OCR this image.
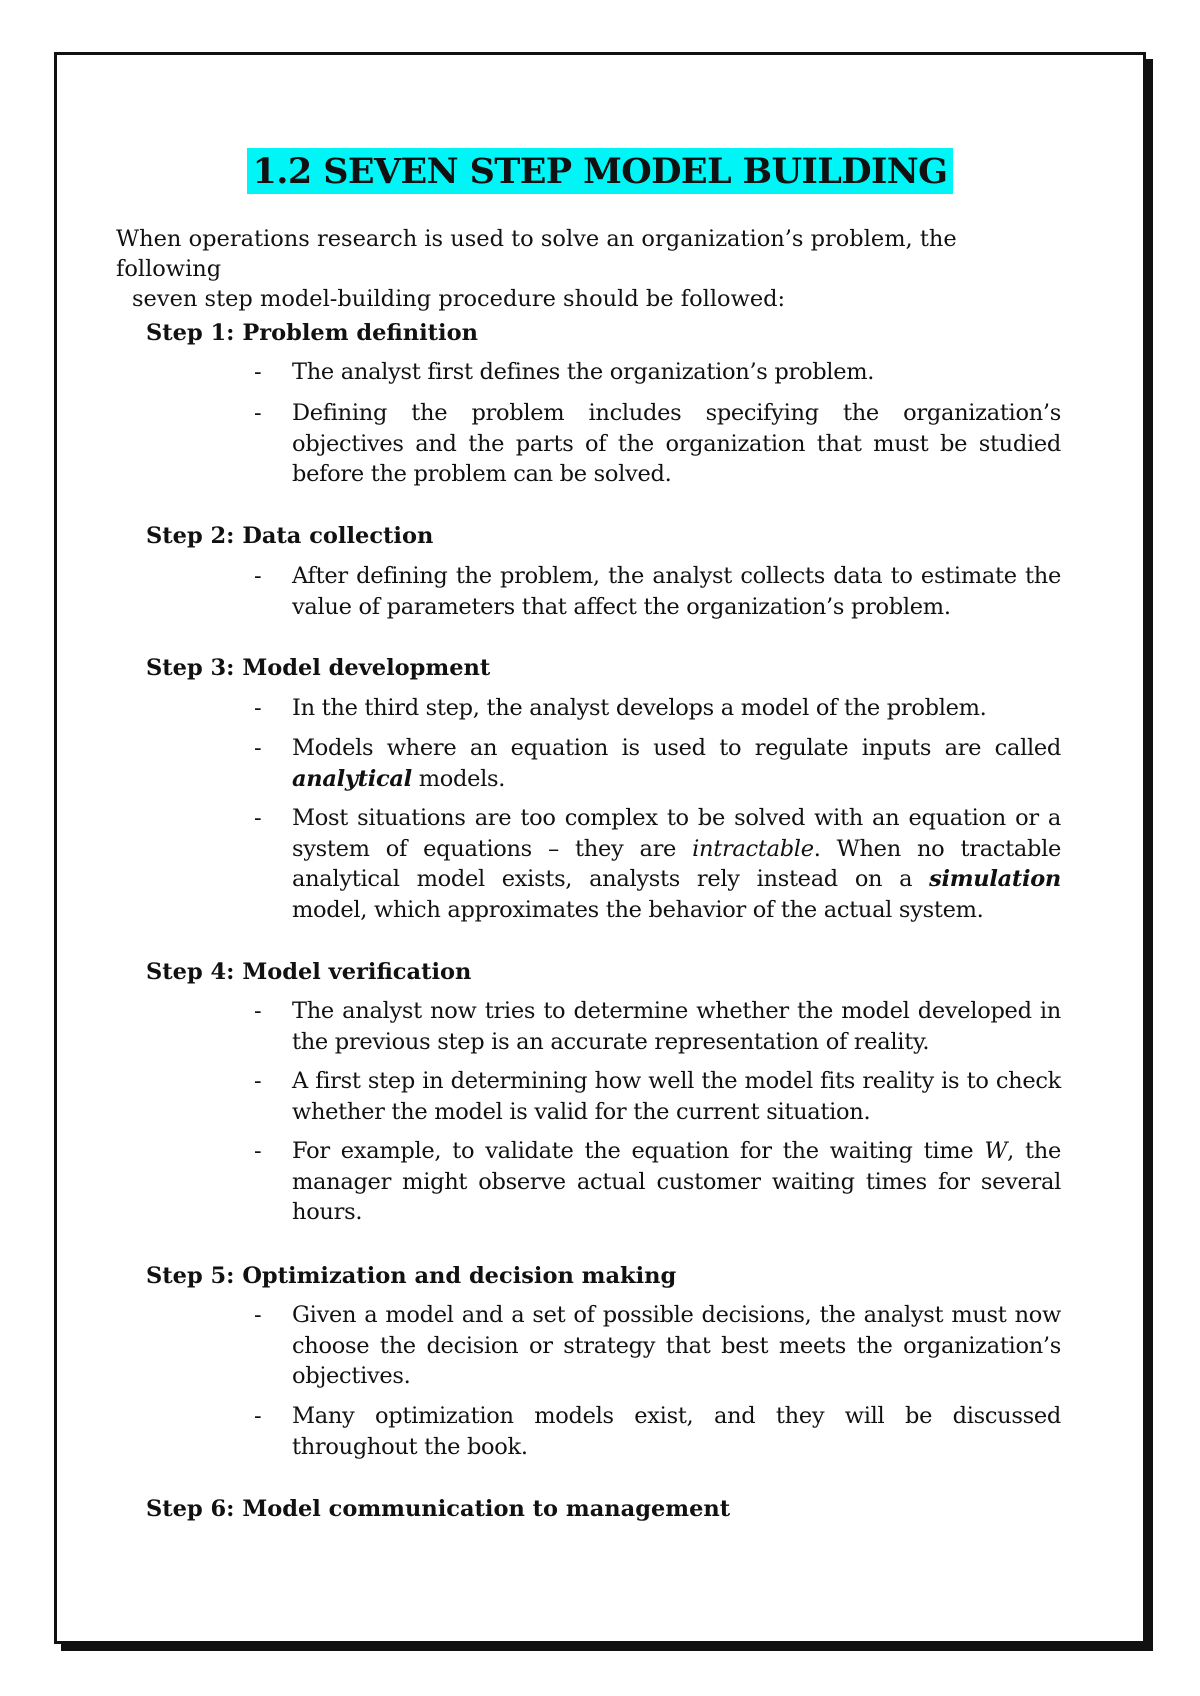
1.2 SEVEN STEP MODEL BUILDING
When operations research is used to solve an organization’s problem, the following
seven step model-building procedure should be followed:
Step 1: Problem definition
- The analyst first defines the organization’s problem.
- Defining the problem includes specifying the organization’s objectives and the parts of the organization that must be studied before the problem can be solved.
Step 2: Data collection
- After defining the problem, the analyst collects data to estimate the value of parameters that affect the organization’s problem.
Step 3: Model development
- In the third step, the analyst develops a model of the problem.
- Models where an equation is used to regulate inputs are called analytical models.
- Most situations are too complex to be solved with an equation or a system of equations – they are intractable. When no tractable analytical model exists, analysts rely instead on a simulation model, which approximates the behavior of the actual system.
Step 4: Model verification
- The analyst now tries to determine whether the model developed in the previous step is an accurate representation of reality.
- A first step in determining how well the model fits reality is to check whether the model is valid for the current situation.
- For example, to validate the equation for the waiting time W, the manager might observe actual customer waiting times for several hours.
Step 5: Optimization and decision making
- Given a model and a set of possible decisions, the analyst must now choose the decision or strategy that best meets the organization’s objectives.
- Many optimization models exist, and they will be discussed throughout the book.
Step 6: Model communication to management
